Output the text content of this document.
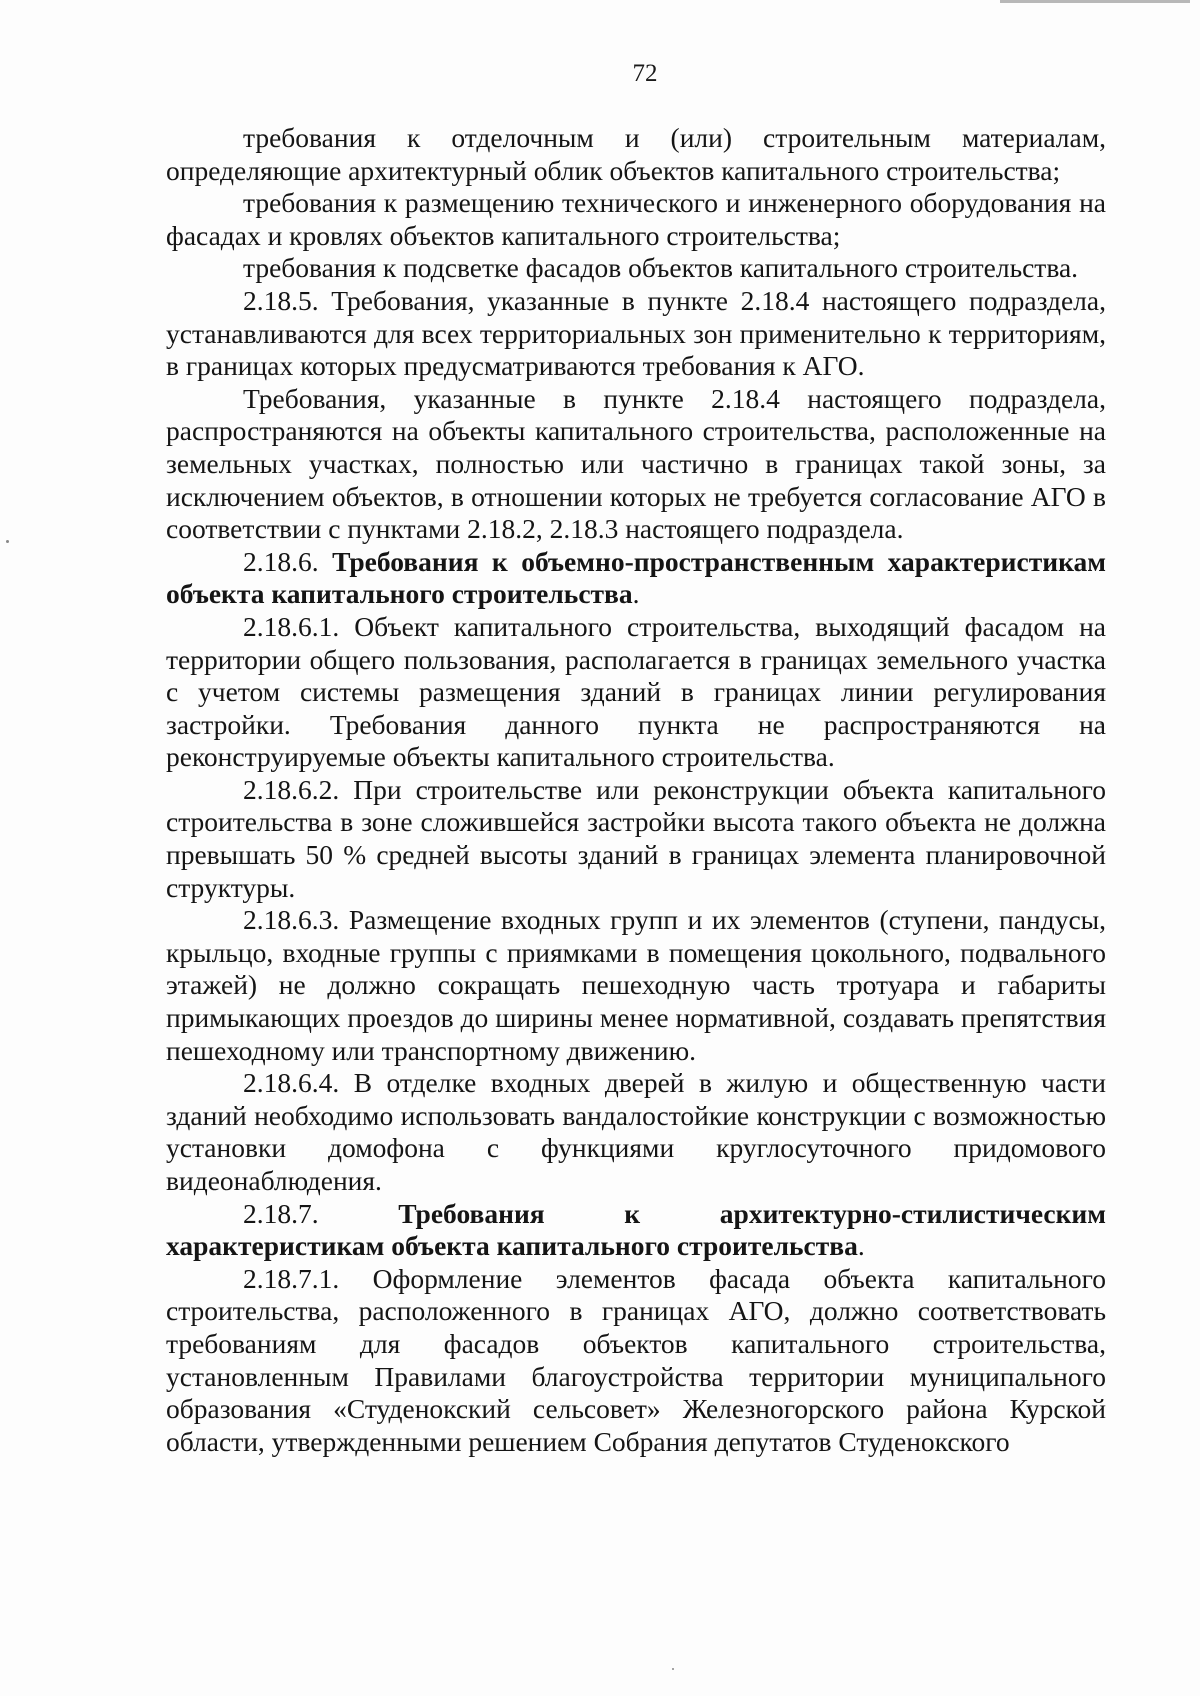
72

требования к отделочным и (или) строительным материалам, определяющие архитектурный облик объектов капитального строительства;

требования к размещению технического и инженерного оборудования на фасадах и кровлях объектов капитального строительства;

требования к подсветке фасадов объектов капитального строительства.

2.18.5. Требования, указанные в пункте 2.18.4 настоящего подраздела, устанавливаются для всех территориальных зон применительно к территориям, в границах которых предусматриваются требования к АГО.

Требования, указанные в пункте 2.18.4 настоящего подраздела, распространяются на объекты капитального строительства, расположенные на земельных участках, полностью или частично в границах такой зоны, за исключением объектов, в отношении которых не требуется согласование АГО в соответствии с пунктами 2.18.2, 2.18.3 настоящего подраздела.

2.18.6. Требования к объемно-пространственным характеристикам объекта капитального строительства.

2.18.6.1. Объект капитального строительства, выходящий фасадом на территории общего пользования, располагается в границах земельного участка с учетом системы размещения зданий в границах линии регулирования застройки. Требования данного пункта не распространяются на реконструируемые объекты капитального строительства.

2.18.6.2. При строительстве или реконструкции объекта капитального строительства в зоне сложившейся застройки высота такого объекта не должна превышать 50 % средней высоты зданий в границах элемента планировочной структуры.

2.18.6.3. Размещение входных групп и их элементов (ступени, пандусы, крыльцо, входные группы с приямками в помещения цокольного, подвального этажей) не должно сокращать пешеходную часть тротуара и габариты примыкающих проездов до ширины менее нормативной, создавать препятствия пешеходному или транспортному движению.

2.18.6.4. В отделке входных дверей в жилую и общественную части зданий необходимо использовать вандалостойкие конструкции с возможностью установки домофона с функциями круглосуточного придомового видеонаблюдения.

2.18.7.	Требования к архитектурно-стилистическим характеристикам объекта капитального строительства.

2.18.7.1. Оформление элементов фасада объекта капитального строительства, расположенного в границах АГО, должно соответствовать требованиям для фасадов объектов капитального строительства, установленным Правилами благоустройства территории муниципального образования «Студенокский сельсовет» Железногорского района Курской области, утвержденными решением Собрания депутатов Студенокского
